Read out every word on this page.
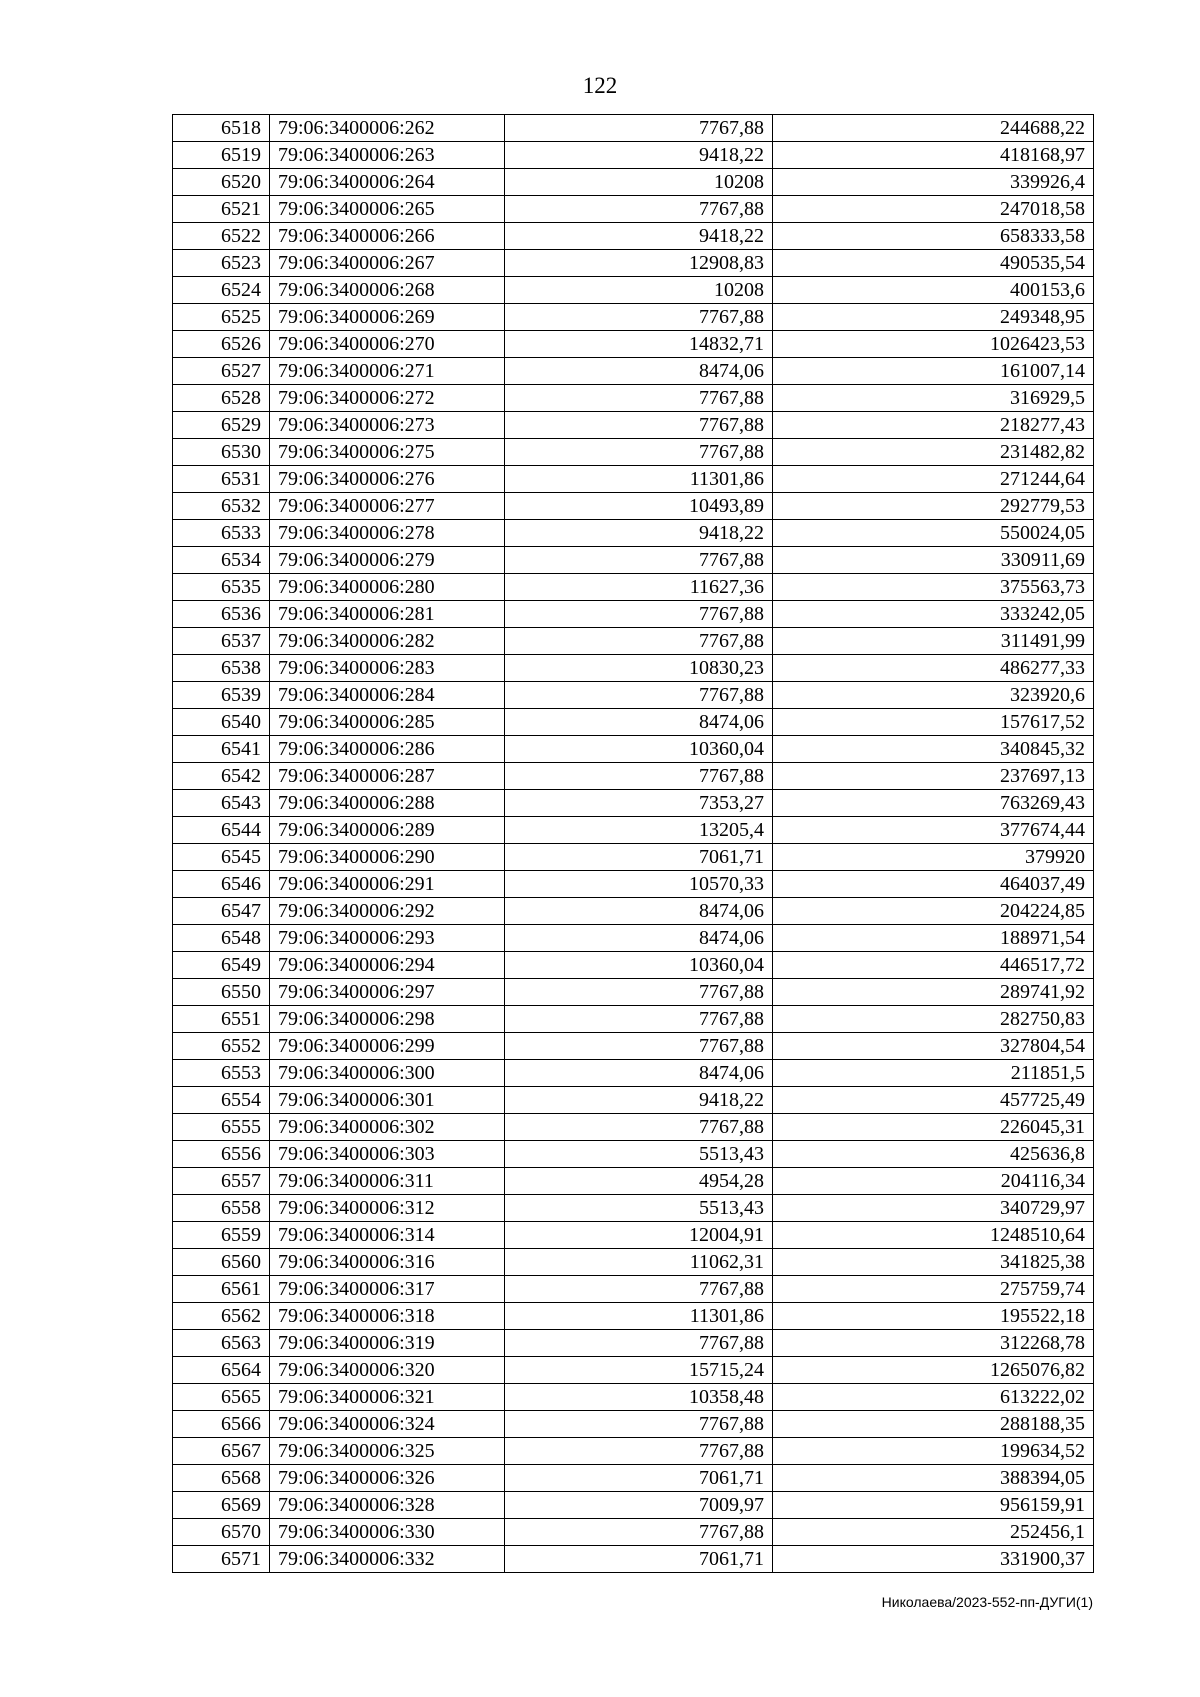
122
6518	79:06:3400006:262	7767,88	244688,22
6519	79:06:3400006:263	9418,22	418168,97
6520	79:06:3400006:264	10208	339926,4
6521	79:06:3400006:265	7767,88	247018,58
6522	79:06:3400006:266	9418,22	658333,58
6523	79:06:3400006:267	12908,83	490535,54
6524	79:06:3400006:268	10208	400153,6
6525	79:06:3400006:269	7767,88	249348,95
6526	79:06:3400006:270	14832,71	1026423,53
6527	79:06:3400006:271	8474,06	161007,14
6528	79:06:3400006:272	7767,88	316929,5
6529	79:06:3400006:273	7767,88	218277,43
6530	79:06:3400006:275	7767,88	231482,82
6531	79:06:3400006:276	11301,86	271244,64
6532	79:06:3400006:277	10493,89	292779,53
6533	79:06:3400006:278	9418,22	550024,05
6534	79:06:3400006:279	7767,88	330911,69
6535	79:06:3400006:280	11627,36	375563,73
6536	79:06:3400006:281	7767,88	333242,05
6537	79:06:3400006:282	7767,88	311491,99
6538	79:06:3400006:283	10830,23	486277,33
6539	79:06:3400006:284	7767,88	323920,6
6540	79:06:3400006:285	8474,06	157617,52
6541	79:06:3400006:286	10360,04	340845,32
6542	79:06:3400006:287	7767,88	237697,13
6543	79:06:3400006:288	7353,27	763269,43
6544	79:06:3400006:289	13205,4	377674,44
6545	79:06:3400006:290	7061,71	379920
6546	79:06:3400006:291	10570,33	464037,49
6547	79:06:3400006:292	8474,06	204224,85
6548	79:06:3400006:293	8474,06	188971,54
6549	79:06:3400006:294	10360,04	446517,72
6550	79:06:3400006:297	7767,88	289741,92
6551	79:06:3400006:298	7767,88	282750,83
6552	79:06:3400006:299	7767,88	327804,54
6553	79:06:3400006:300	8474,06	211851,5
6554	79:06:3400006:301	9418,22	457725,49
6555	79:06:3400006:302	7767,88	226045,31
6556	79:06:3400006:303	5513,43	425636,8
6557	79:06:3400006:311	4954,28	204116,34
6558	79:06:3400006:312	5513,43	340729,97
6559	79:06:3400006:314	12004,91	1248510,64
6560	79:06:3400006:316	11062,31	341825,38
6561	79:06:3400006:317	7767,88	275759,74
6562	79:06:3400006:318	11301,86	195522,18
6563	79:06:3400006:319	7767,88	312268,78
6564	79:06:3400006:320	15715,24	1265076,82
6565	79:06:3400006:321	10358,48	613222,02
6566	79:06:3400006:324	7767,88	288188,35
6567	79:06:3400006:325	7767,88	199634,52
6568	79:06:3400006:326	7061,71	388394,05
6569	79:06:3400006:328	7009,97	956159,91
6570	79:06:3400006:330	7767,88	252456,1
6571	79:06:3400006:332	7061,71	331900,37
Николаева/2023-552-пп-ДУГИ(1)
